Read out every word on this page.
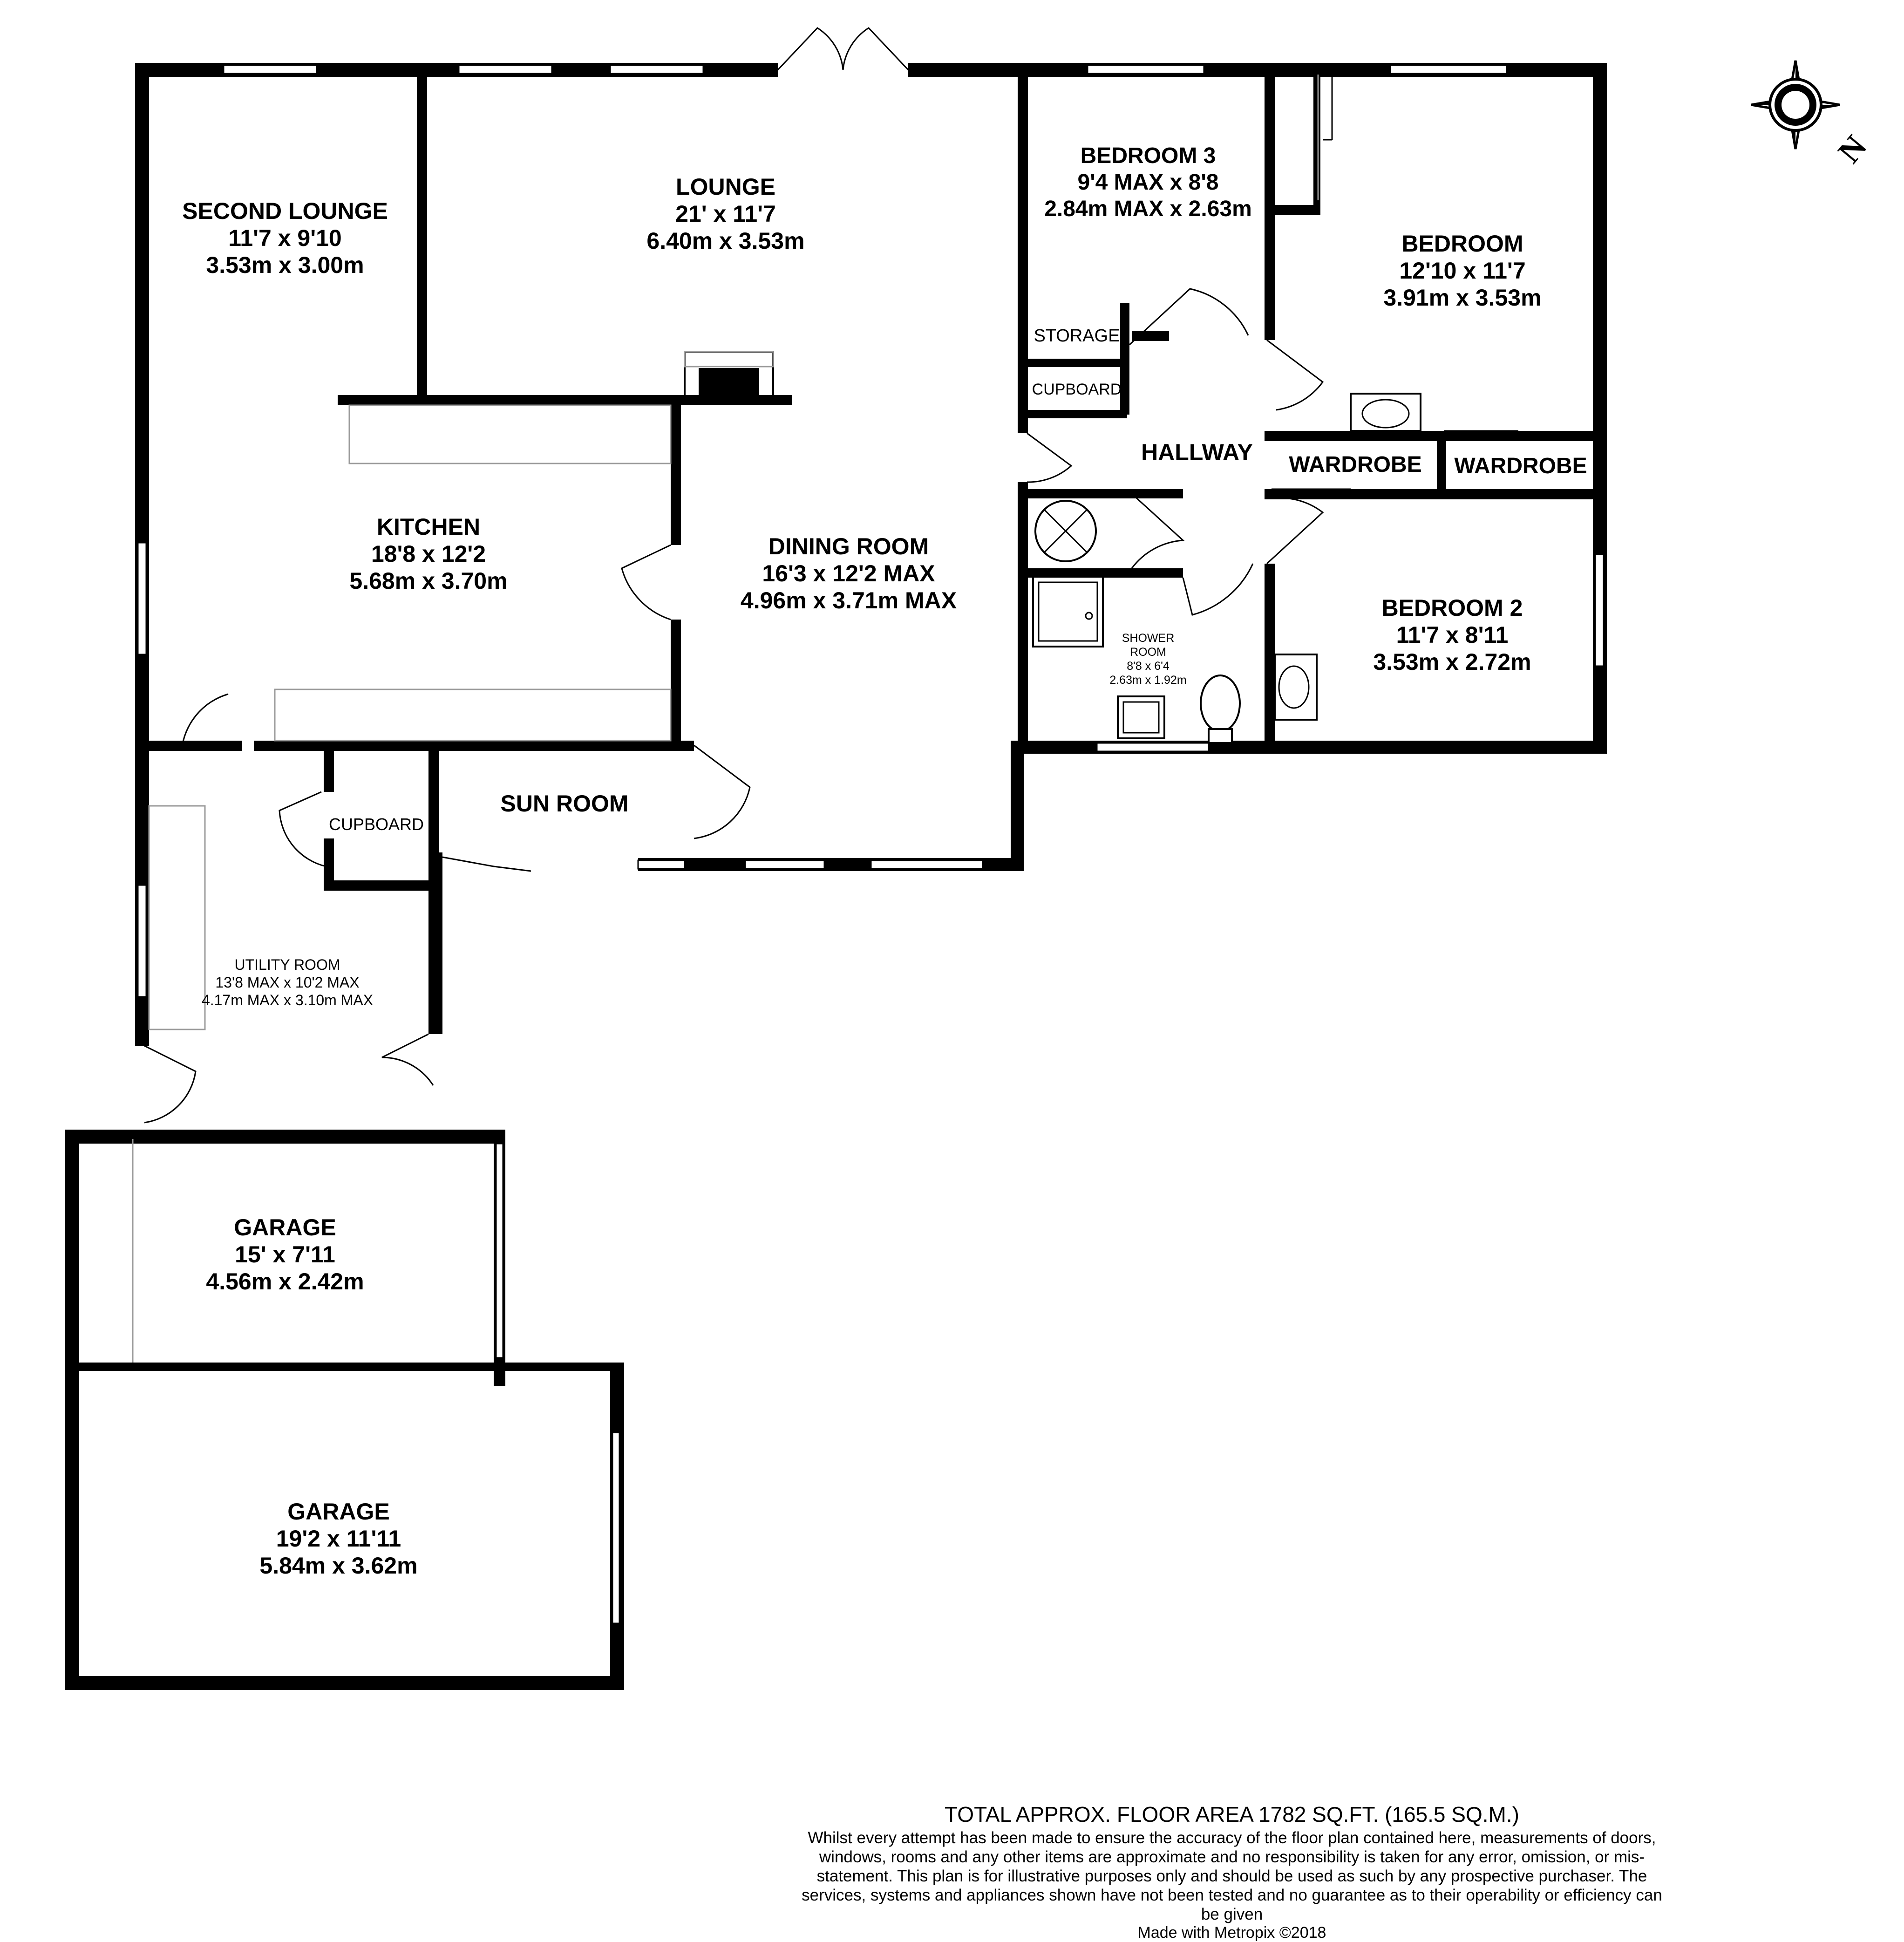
N
SECOND LOUNGE
11'7 x 9'10
3.53m x 3.00m
LOUNGE
21' x 11'7
6.40m x 3.53m
BEDROOM 3
9'4 MAX x 8'8
2.84m MAX x 2.63m
BEDROOM
12'10 x 11'7
3.91m x 3.53m
KITCHEN
18'8 x 12'2
5.68m x 3.70m
DINING ROOM
16'3 x 12'2 MAX
4.96m x 3.71m MAX
HALLWAY
BEDROOM 2
11'7 x 8'11
3.53m x 2.72m
SHOWER
ROOM
8'8 x 6'4
2.63m x 1.92m
SUN ROOM
UTILITY ROOM
13'8 MAX x 10'2 MAX
4.17m MAX x 3.10m MAX
GARAGE
15' x 7'11
4.56m x 2.42m
GARAGE
19'2 x 11'11
5.84m x 3.62m
STORAGE
CUPBOARD
CUPBOARD
WARDROBE WARDROBE
TOTAL APPROX. FLOOR AREA 1782 SQ.FT. (165.5 SQ.M.)
Whilst every attempt has been made to ensure the accuracy of the floor plan contained here, measurements of doors, windows, rooms and any other items are approximate and no responsibility is taken for any error, omission, or mis-statement. This plan is for illustrative purposes only and should be used as such by any prospective purchaser. The services, systems and appliances shown have not been tested and no guarantee as to their operability or efficiency can be given
Made with Metropix ©2018
